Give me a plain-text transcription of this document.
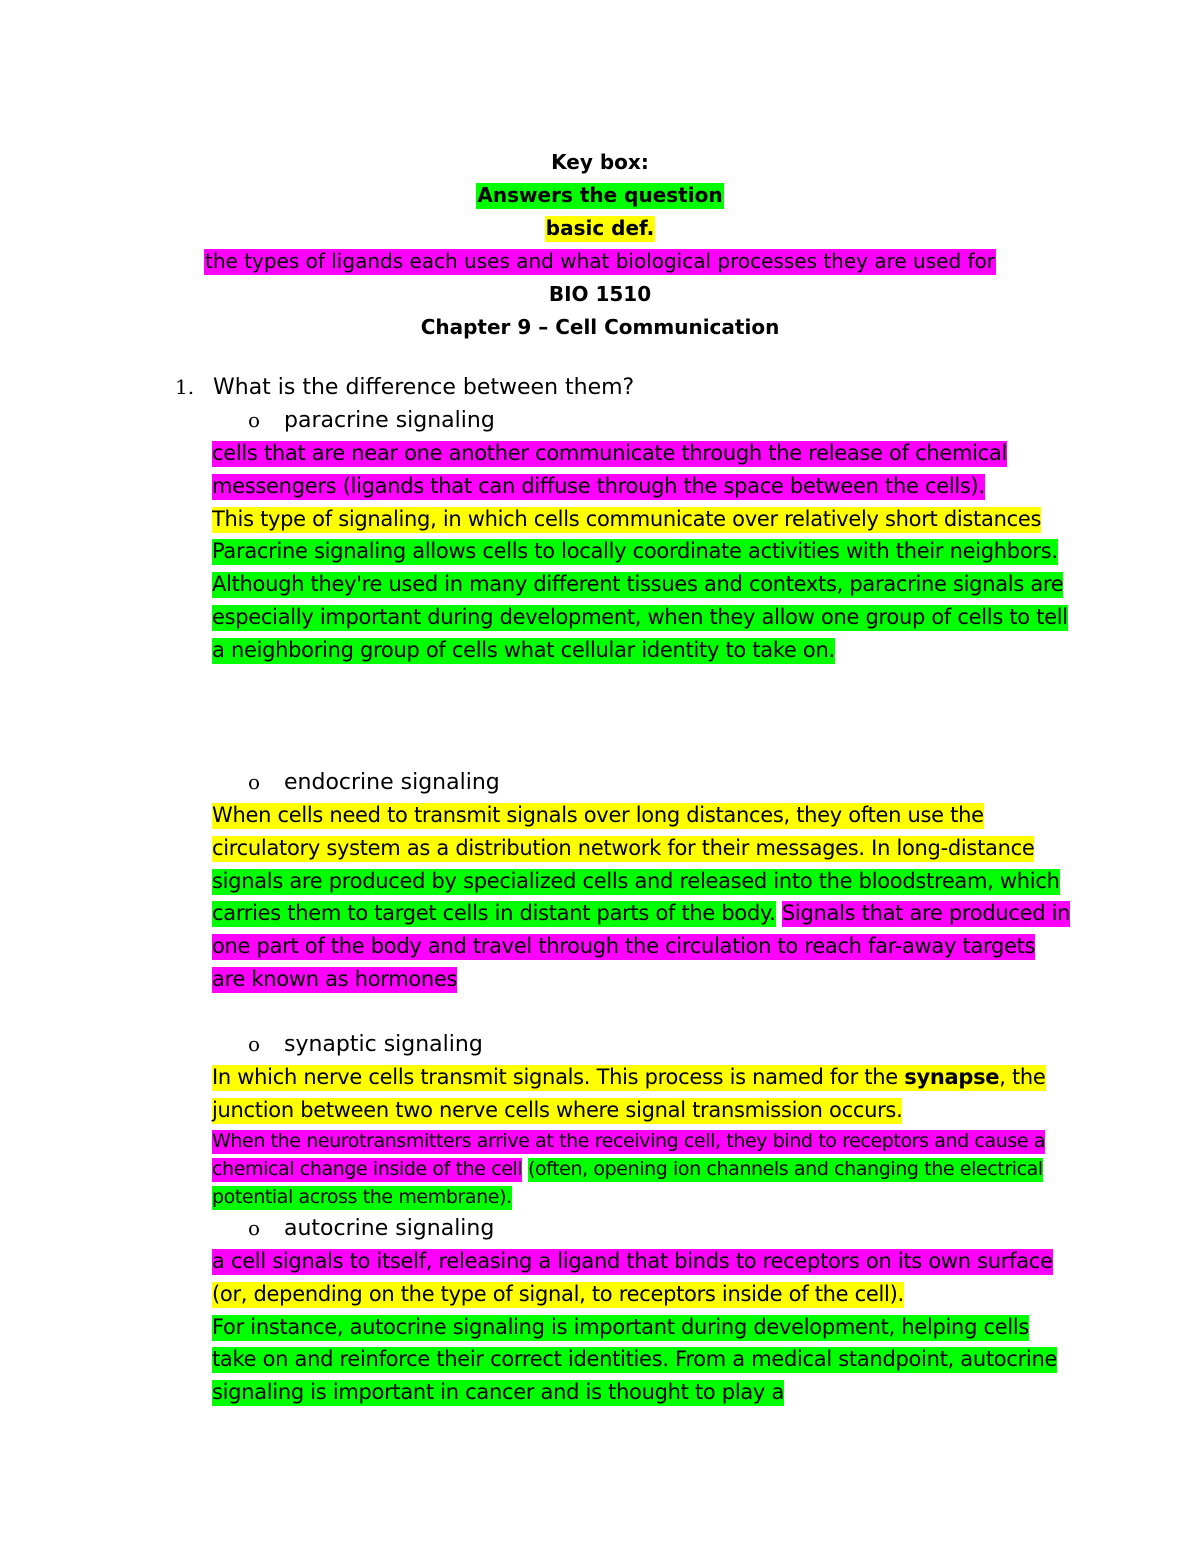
Key box:
Answers the question
basic def.
the types of ligands each uses and what biological processes they are used for
BIO 1510
Chapter 9 – Cell Communication
1. What is the difference between them?
o paracrine signaling
cells that are near one another communicate through the release of chemical messengers (ligands that can diffuse through the space between the cells).
This type of signaling, in which cells communicate over relatively short distances
Paracrine signaling allows cells to locally coordinate activities with their neighbors. Although they're used in many different tissues and contexts, paracrine signals are especially important during development, when they allow one group of cells to tell a neighboring group of cells what cellular identity to take on.
o endocrine signaling
When cells need to transmit signals over long distances, they often use the circulatory system as a distribution network for their messages. In long-distance
signals are produced by specialized cells and released into the bloodstream, which carries them to target cells in distant parts of the body. Signals that are produced in one part of the body and travel through the circulation to reach far-away targets are known as hormones
o synaptic signaling
In which nerve cells transmit signals. This process is named for the synapse, the junction between two nerve cells where signal transmission occurs.

When the neurotransmitters arrive at the receiving cell, they bind to receptors and cause a chemical change inside of the cell (often, opening ion channels and changing the electrical potential across the membrane).
o autocrine signaling
a cell signals to itself, releasing a ligand that binds to receptors on its own surface (or, depending on the type of signal, to receptors inside of the cell).
For instance, autocrine signaling is important during development, helping cells take on and reinforce their correct identities. From a medical standpoint, autocrine signaling is important in cancer and is thought to play a
